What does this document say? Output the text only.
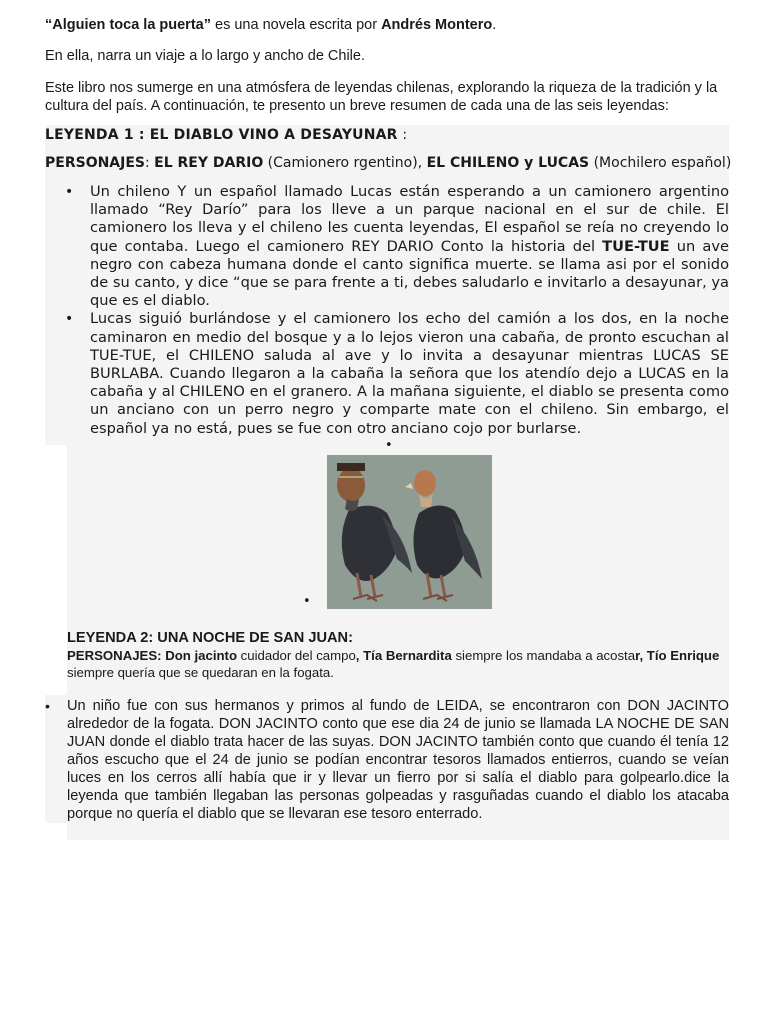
“Alguien toca la puerta” es una novela escrita por Andrés Montero.

En ella, narra un viaje a lo largo y ancho de Chile.

Este libro nos sumerge en una atmósfera de leyendas chilenas, explorando la riqueza de la tradición y la cultura del país. A continuación, te presento un breve resumen de cada una de las seis leyendas:

LEYENDA 1 : EL DIABLO VINO A DESAYUNAR :

PERSONAJES: EL REY DARIO (Camionero rgentino), EL CHILENO y LUCAS (Mochilero español)

• Un chileno Y un español llamado Lucas están esperando a un camionero argentino llamado “Rey Darío” para los lleve a un parque nacional en el sur de chile. El camionero los lleva y el chileno les cuenta leyendas, El español se reía no creyendo lo que contaba. Luego el camionero REY DARIO Conto la historia del TUE-TUE un ave negro con cabeza humana donde el canto significa muerte. se llama asi por el sonido de su canto, y dice “que se para frente a ti, debes saludarlo e invitarlo a desayunar, ya que es el diablo.
• Lucas siguió burlándose y el camionero los echo del camión a los dos, en la noche caminaron en medio del bosque y a lo lejos vieron una cabaña, de pronto escuchan al TUE-TUE, el CHILENO saluda al ave y lo invita a desayunar mientras LUCAS SE BURLABA. Cuando llegaron a la cabaña la señora que los atendío dejo a LUCAS en la cabaña y al CHILENO en el granero. A la mañana siguiente, el diablo se presenta como un anciano con un perro negro y comparte mate con el chileno. Sin embargo, el español ya no está, pues se fue con otro anciano cojo por burlarse.
•
•

LEYENDA 2: UNA NOCHE DE SAN JUAN:

PERSONAJES: Don jacinto cuidador del campo, Tía Bernardita siempre los mandaba a acostar, Tío Enrique siempre quería que se quedaran en la fogata.

• Un niño fue con sus hermanos y primos al fundo de LEIDA, se encontraron con DON JACINTO alrededor de la fogata. DON JACINTO conto que ese dia 24 de junio se llamada LA NOCHE DE SAN JUAN donde el diablo trata hacer de las suyas. DON JACINTO también conto que cuando él tenía 12 años escucho que el 24 de junio se podían encontrar tesoros llamados entierros, cuando se veían luces en los cerros allí había que ir y llevar un fierro por si salía el diablo para golpearlo.dice la leyenda que también llegaban las personas golpeadas y rasguñadas cuando el diablo los atacaba porque no quería el diablo que se llevaran ese tesoro enterrado.
